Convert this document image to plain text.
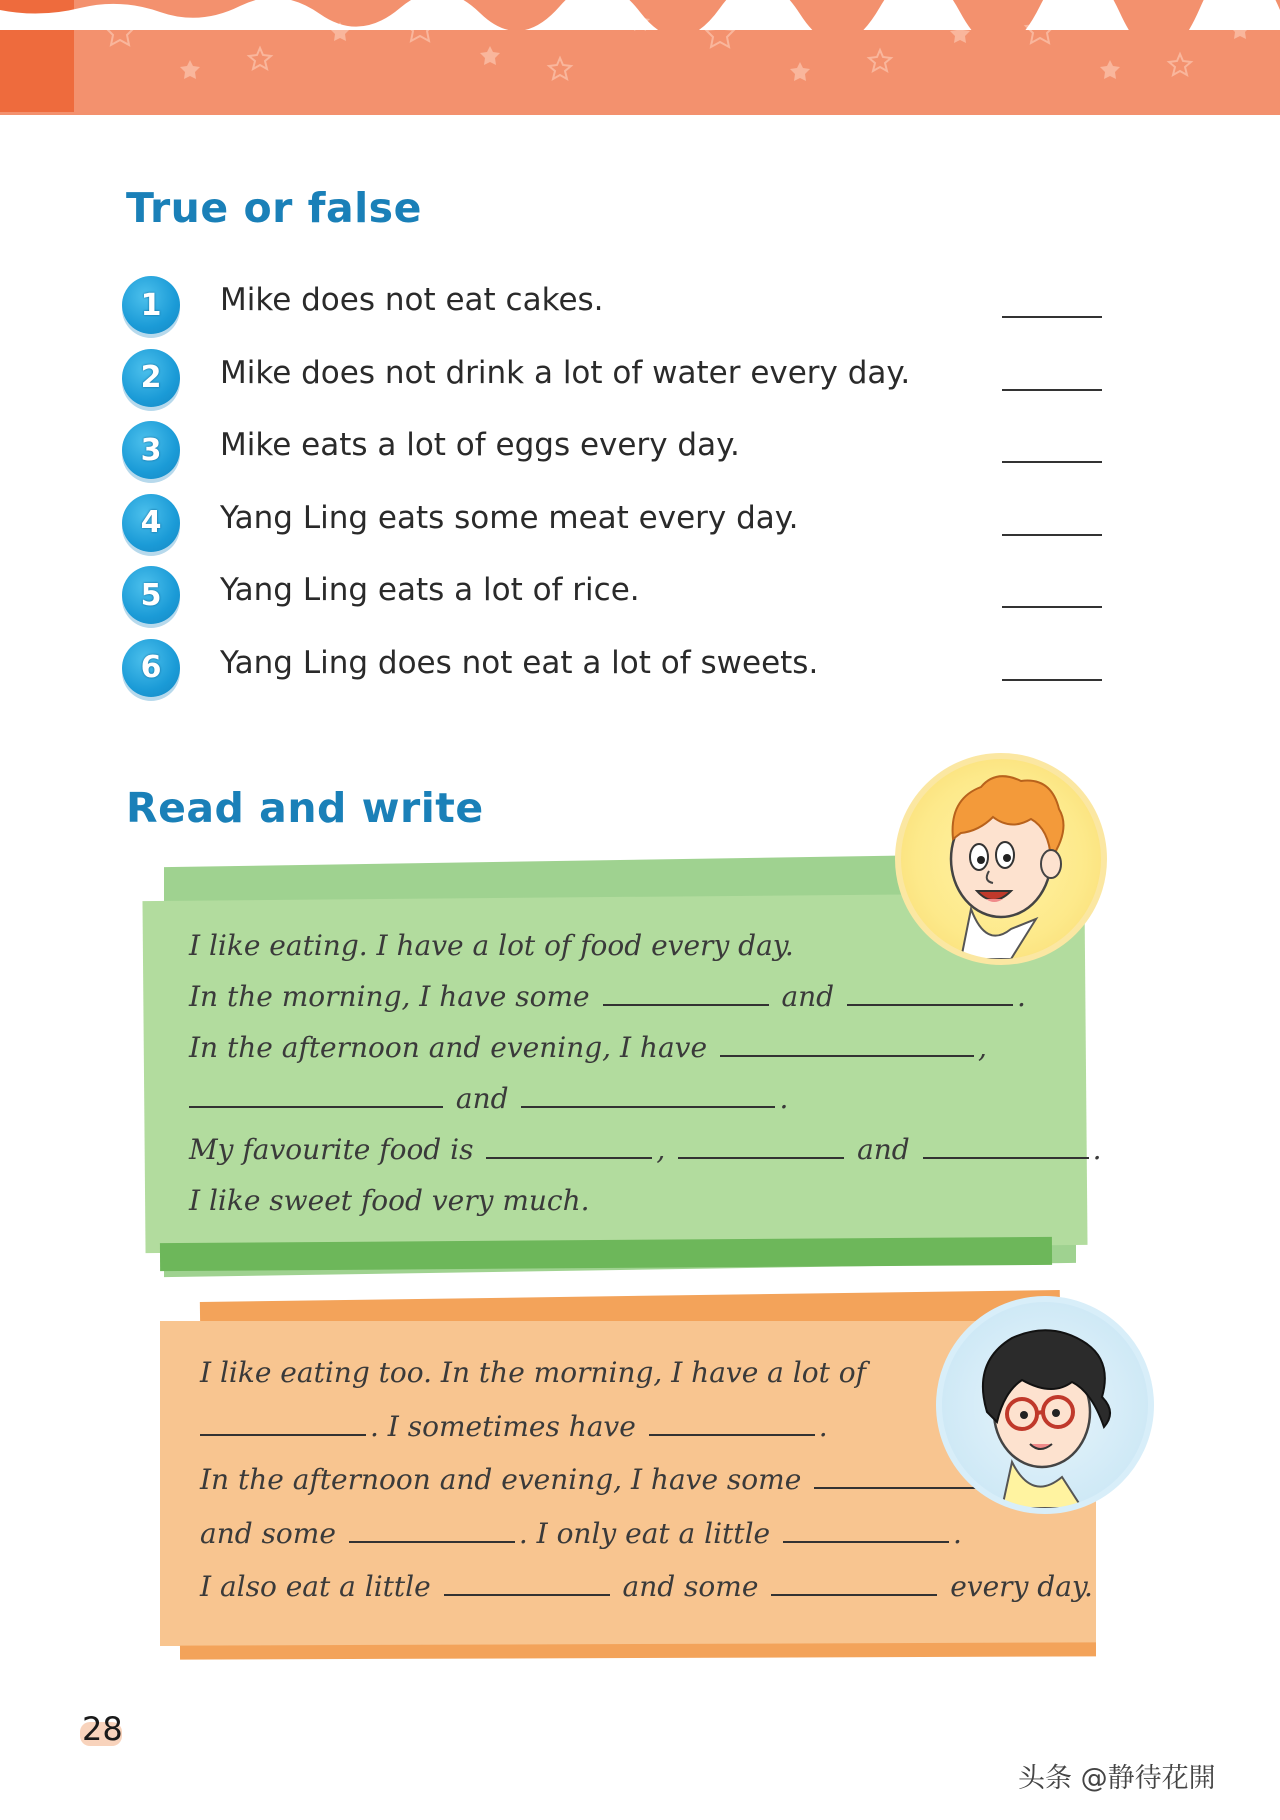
True or false
1	Mike does not eat cakes.
2	Mike does not drink a lot of water every day.
3	Mike eats a lot of eggs every day.
4	Yang Ling eats some meat every day.
5	Yang Ling eats a lot of rice.
6	Yang Ling does not eat a lot of sweets.
Read and write
I like eating. I have a lot of food every day.
In the morning, I have some	and	.
In the afternoon and evening, I have	,
and	.
My favourite food is	,	and	.
I like sweet food very much.
I like eating too. In the morning, I have a lot of
. I sometimes have	.
In the afternoon and evening, I have some
and some	. I only eat a little	.
I also eat a little	and some	every day.
28
头条 @静待花開
